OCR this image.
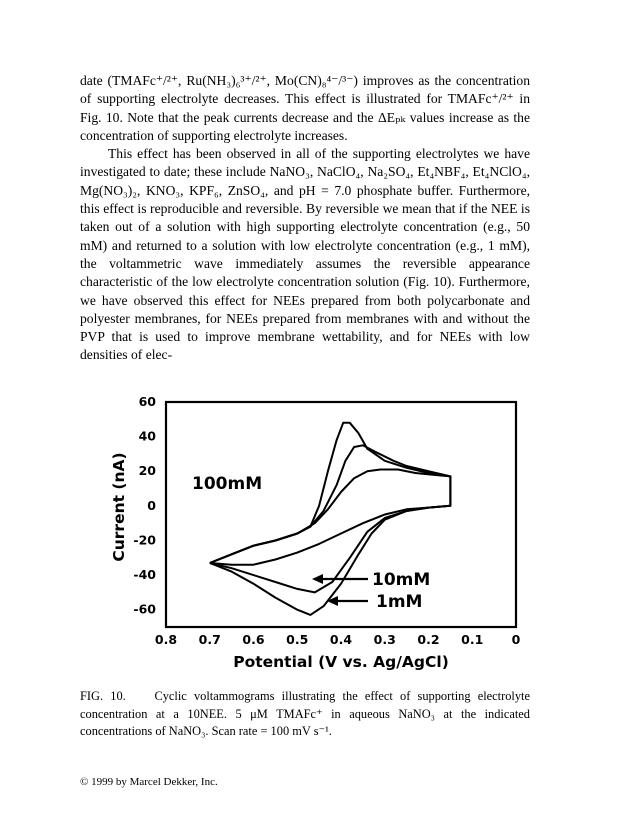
date (TMAFc⁺/²⁺, Ru(NH₃)₆³⁺/²⁺, Mo(CN)₈⁴⁻/³⁻) improves as the concentration of supporting electrolyte decreases. This effect is illustrated for TMAFc⁺/²⁺ in Fig. 10. Note that the peak currents decrease and the ΔEₚₖ values increase as the concentration of supporting electrolyte increases.

This effect has been observed in all of the supporting electrolytes we have investigated to date; these include NaNO₃, NaClO₄, Na₂SO₄, Et₄NBF₄, Et₄NClO₄, Mg(NO₃)₂, KNO₃, KPF₆, ZnSO₄, and pH = 7.0 phosphate buffer. Furthermore, this effect is reproducible and reversible. By reversible we mean that if the NEE is taken out of a solution with high supporting electrolyte concentration (e.g., 50 mM) and returned to a solution with low electrolyte concentration (e.g., 1 mM), the voltammetric wave immediately assumes the reversible appearance characteristic of the low electrolyte concentration solution (Fig. 10). Furthermore, we have observed this effect for NEEs prepared from both polycarbonate and polyester membranes, for NEEs prepared from membranes with and without the PVP that is used to improve membrane wettability, and for NEEs with low densities of elec-

60
40
20
0
-20
-40
-60
0.8 0.7 0.6 0.5 0.4 0.3 0.2 0.1 0
100mM
10mM
1mM
Potential (V vs. Ag/AgCl)
Current (nA)
FIG. 10. Cyclic voltammograms illustrating the effect of supporting electrolyte concentration at a 10NEE. 5 μM TMAFc⁺ in aqueous NaNO₃ at the indicated concentrations of NaNO₃. Scan rate = 100 mV s⁻¹.
© 1999 by Marcel Dekker, Inc.
